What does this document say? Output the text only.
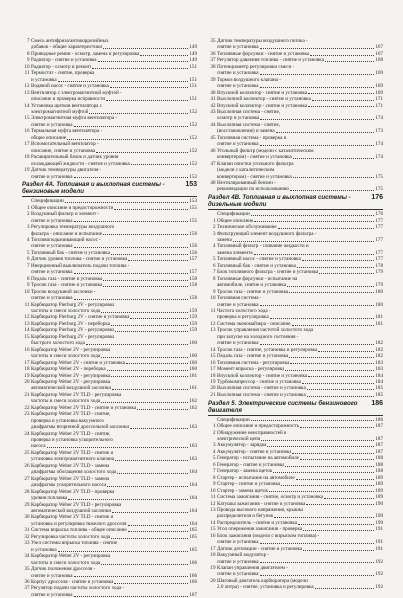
7 Смесь антифриза/антикоррозийных
добавок - общие характеристики	149
8 Приводные ремни - осмотр, замена и регулировка	149
9 Радиатор - снятие и установка	149
10 Радиатор - осмотр и ремонт	151
11 Термостат - снятие, проверка
и установка	151
12 Водяной насос - снятие и установка	151
13 Вентилятор с электромагнитной муфтой -
описание и проверка исправности	151
14 Установка щитков вентилятора с
электромагнитной муфтой	152
15 Электромагнитная муфта вентилятора -
снятие и установка	152
16 Термальная муфта вентилятора -
общее описание	152
17 Вспомогательный вентилятор -
описание, снятие и установка	152
18 Расширительный бачок и датчик уровня
охлаждающей жидкости - снятие и установка	152
19 Датчик температуры двигателя -
снятие и установка	152
Раздел 4А. Топливная и выхлопная системы - бензиновые модели
153
Спецификации	153
1 Общее описание и предосторожности	155
2 Воздушный фильтр и элемент -
снятие и установка	155
3 Регулировка температуры воздушного
фильтра - описание и испытание	156
4 Топливоподкачивающий насос -
снятие и установка	156
5 Топливный бак - снятие и установка	156
6 Датчик уровня топлива - снятие и установка	157
7 Инерционный выключатель подачи топлива -
снятие и установка	157
8 Педаль газа - снятие и установка	158
9 Тросик газа - снятие и установка	158
10 Тросик воздушной заслонки -
снятие и установка	158
11 Карбюратор Pierburg 2V - регулировка
частоты и смеси холостого хода	159
12 Карбюратор Pierburg 2V - снятие и установка	159
13 Карбюратор Pierburg 2V - переборка	159
14 Карбюратор Pierburg 2V - регулировка	159
15 Карбюратор Pierburg 2V - регулировка
быстрого холостого хода	160
16 Карбюратор Weber 2V - регулировка
частоты и смеси холостого хода	160
17 Карбюратор Weber 2V - снятие и установка	160
18 Карбюратор Weber 2V - переборка	160
19 Карбюратор Weber 2V - регулировка	161
20 Карбюратор Weber 2V - регулировка
автоматической воздушной заслонки	161
21 Карбюратор Weber 2V TLD - регулировка
частоты и смеси холостого хода	162
22 Карбюратор Weber 2V TLD - снятие и установка	162
23 Карбюратор Weber 2V TLD - снятие,
проверка и установка вакуумного
диафрагмы вторичной дроссельной заслонки	163
24 Карбюратор Weber 2V TLD - снятие,
проверка и установка ускорительного
насоса	163
25 Карбюратор Weber 2V TLD - снятие и
установка электромагнитного клапана	163
26 Карбюратор Weber 2V TLD - замена
диафрагмы обогащения холостого хода	164
27 Карбюратор Weber 2V TLD - замена
диафрагмы ускорительного насоса	164
28 Карбюратор Weber 2V TLD - проверка
уровня поплавка	164
29 Карбюратор Weber 2V TLD - регулировка
автоматической воздушной заслонки	164
30 Карбюратор Weber 2V TLD - снятие и
установка и регулировка тяжелого дросселя	164
31 Система впрыска топлива - общее описание	165
32 Регулировка частоты холостого хода	165
33 Узел системы впрыска топлива - снятие
и установка	165
34 Карбюратор Weber 2V - регулировка
частоты и смеси холостого хода	166
35 Датчик положения дросселя -
снятие и установка	166
36 Корпус дросселя - снятие и установка	166
37 Регулятор подачи частоты холостого хода -
снятие и установка	167
35 Датчик температуры воздушного потока -
снятие и установка	167
36 Топливные форсунки - снятие и установка	167
37 Регулятор давления топлива - снятие и установка	168
38 Потенциометр регулировки смеси -
снятие и установка	169
39 Тормоз воздушного клапана -
снятие и установка	169
40 Впускной коллектор - снятие и установка	169
41 Выхлопной коллектор - снятие и установка	171
42 Впускной коллектор - снятие и установка	171
43 Выхлопная система - снятие,
осмотр и установка	174
44 Выхлопная система - снятие,
(восстановление) и замена	173
45 Топливная система - проверка и
снятие и установка	174
46 Угольный фильтр (модели с каталитическим
конвертером) - снятие и установка	174
47 Клапан очистки угольного фильтра
(модели с каталитическим
конвертером) - снятие и установка	175
48 Неэтилированный бензин -
рекомендации по использованию	175
Раздел 4B. Топливная и выхлопная системы - дизельные модели
176
Спецификации	176
1 Общее описание	177
2 Техническое обслуживание	177
3 Фильтрующий элемент воздушного фильтра -
замена	177
4 Топливный фильтр - сливание жидкости и
замена элемента	177
5 Топливный насос - снятие и установка	177
6 Топливный бак - снятие и установка	178
7 Блок топливного фильтра - снятие и установка	179
8 Топливные форсунки - испытание на
автомобиле, снятие и установка	179
9 Тросик газа - снятие и установка	180
10 Топливная система -
снятие и установка	180
11 Частота холостого хода -
проверка и регулировка	181
12 Система экономайзера - описание	181
13 Тросик управления частотой холостого хода
при запуске на холодного состояния -
снятие и установка	182
14 Тросик газа - снятие, установка и регулировка	182
15 Педаль газа - снятие и установка	182
16 Топливная система - регулировка	183
17 Момент впрыска - регулировка	183
18 Впускной коллектор - снятие и установка	184
19 Турбокомпрессор - снятие и установка	184
20 Выхлопная система - снятие и установка	185
21 Выхлопная система - снятие и установка	185
Раздел 5. Электрические системы бензинового двигателя
186
Спецификации	186
1 Общее описание и предосторожность	187
2 Обнаружение неисправностей в
электрической цепи	187
3 Аккумулятор - зарядка	187
4 Аккумулятор - снятие и установка	187
5 Генератор - испытание на автомобиле	188
6 Генератор - снятие и установка	188
7 Генератор - замена щеток	188
8 Стартер - испытание на автомобиле	189
9 Стартер - снятие и установка	189
10 Стартер - замена щеток	189
11 Система зажигания - снятие, осмотр и установка	189
12 Катушка зажигания - снятие и установка	190
13 Провода высокого напряжения, крышка
распределителя и бегунок	190
14 Распределитель - снятие и установка	190
15 Угол опережения зажигания - проверка	191
16 Блок зажигания (модели с впрыском топлива) -
снятие и установка	191
17 Датчик детонации - снятие и установка	191
18 Вакуумный модулятор -
снятие и установка	192
19 Клапан управления двигателем -
снятие и установка	192
20 Шаговый двигатель карбюратора (модели
2.0 литра) - снятие, установка и регулировка	192
